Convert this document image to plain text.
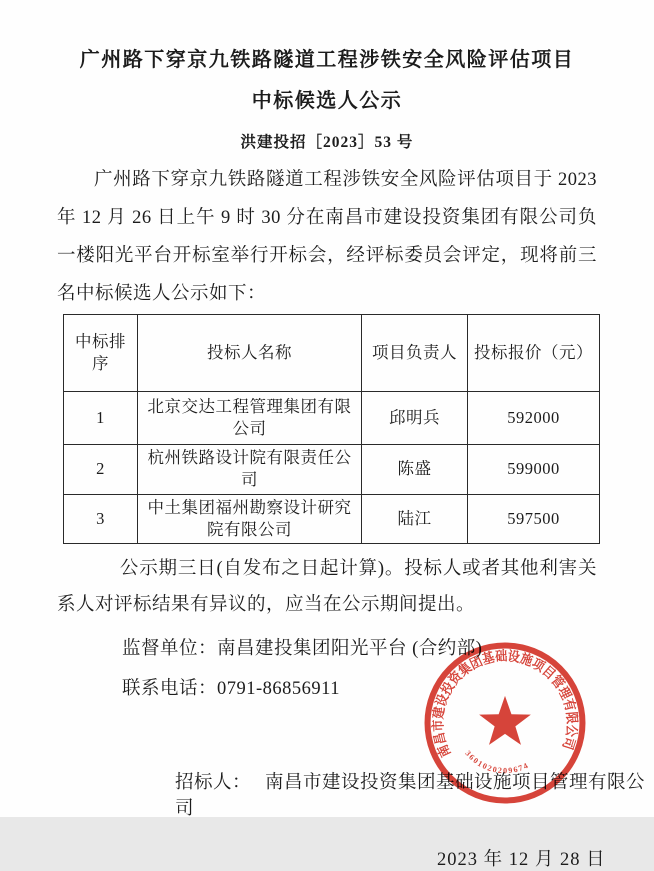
广州路下穿京九铁路隧道工程涉铁安全风险评估项目
中标候选人公示
洪建投招［2023］53 号

广州路下穿京九铁路隧道工程涉铁安全风险评估项目于 2023 年 12 月 26 日上午 9 时 30 分在南昌市建设投资集团有限公司负一楼阳光平台开标室举行开标会，经评标委员会评定，现将前三名中标候选人公示如下：

中标排序	投标人名称	项目负责人	投标报价（元）
1	北京交达工程管理集团有限公司	邱明兵	592000
2	杭州铁路设计院有限责任公司	陈盛	599000
3	中土集团福州勘察设计研究院有限公司	陆江	597500

公示期三日(自发布之日起计算)。投标人或者其他利害关系人对评标结果有异议的，应当在公示期间提出。

监督单位：南昌建投集团阳光平台 (合约部)
联系电话：0791-86856911
招标人： 南昌市建设投资集团基础设施项目管理有限公司
2023 年 12 月 28 日
南昌市建设投资集团基础设施项目管理有限公司
3601020209674
